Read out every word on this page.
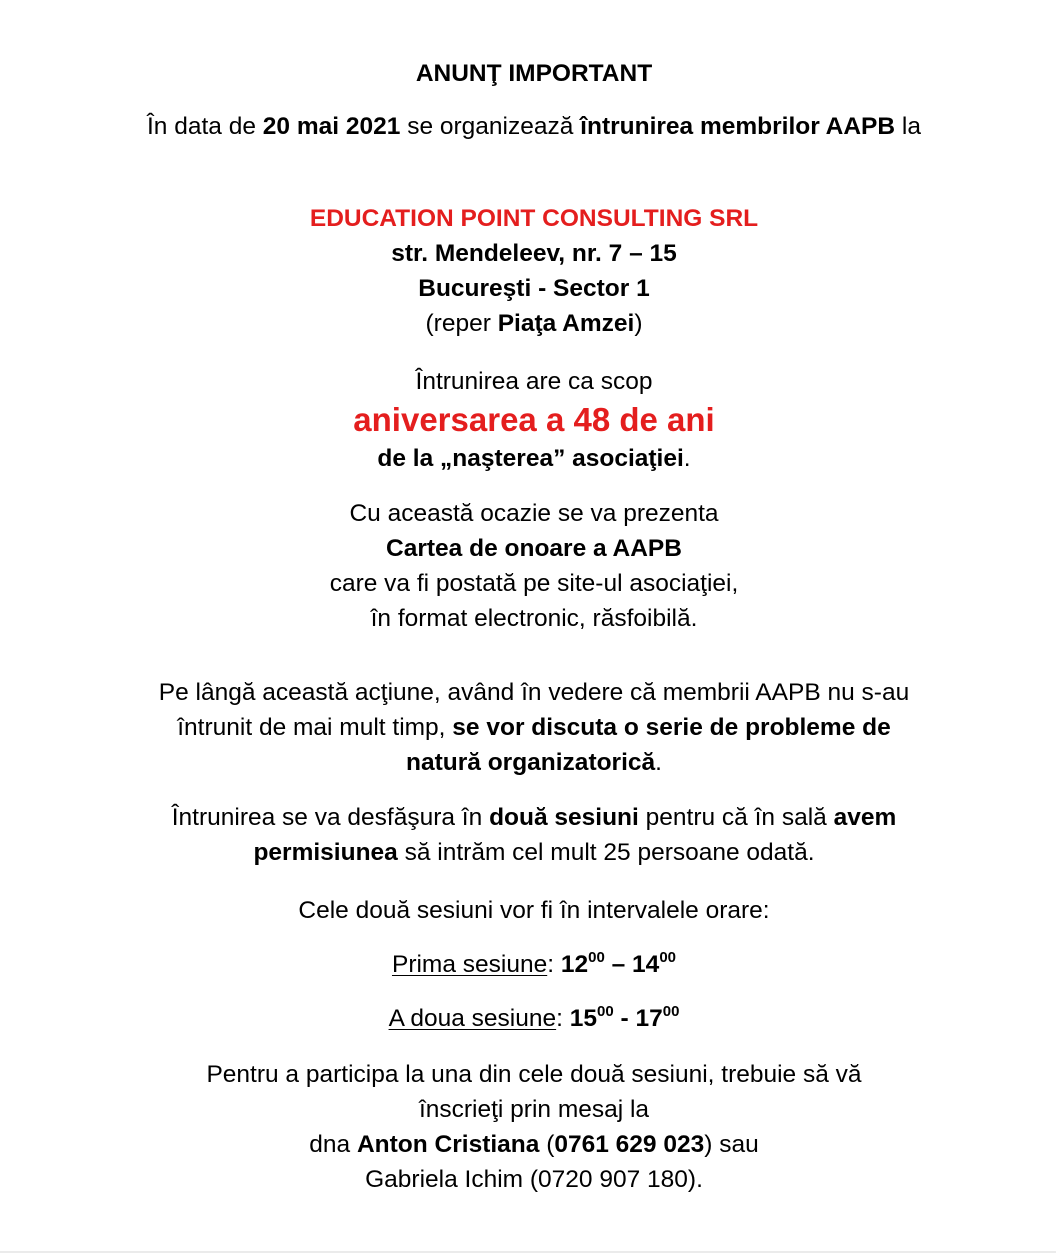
ANUNŢ IMPORTANT

În data de 20 mai 2021 se organizează întrunirea membrilor AAPB la

EDUCATION POINT CONSULTING SRL

str. Mendeleev, nr. 7 – 15

Bucureşti - Sector 1

(reper Piaţa Amzei)

Întrunirea are ca scop

aniversarea a 48 de ani

de la „naşterea” asociaţiei.

Cu această ocazie se va prezenta

Cartea de onoare a AAPB

care va fi postată pe site-ul asociaţiei,

în format electronic, răsfoibilă.

Pe lângă această acţiune, având în vedere că membrii AAPB nu s-au întrunit de mai mult timp, se vor discuta o serie de probleme de natură organizatorică.

Întrunirea se va desfăşura în două sesiuni pentru că în sală avem permisiunea să intrăm cel mult 25 persoane odată.

Cele două sesiuni vor fi în intervalele orare:

Prima sesiune: $12^{00} - 14^{00}$

A doua sesiune: $15^{00} - 17^{00}$

Pentru a participa la una din cele două sesiuni, trebuie să vă

înscrieţi prin mesaj la

dna Anton Cristiana (0761 629 023) sau

Gabriela Ichim (0720 907 180).
